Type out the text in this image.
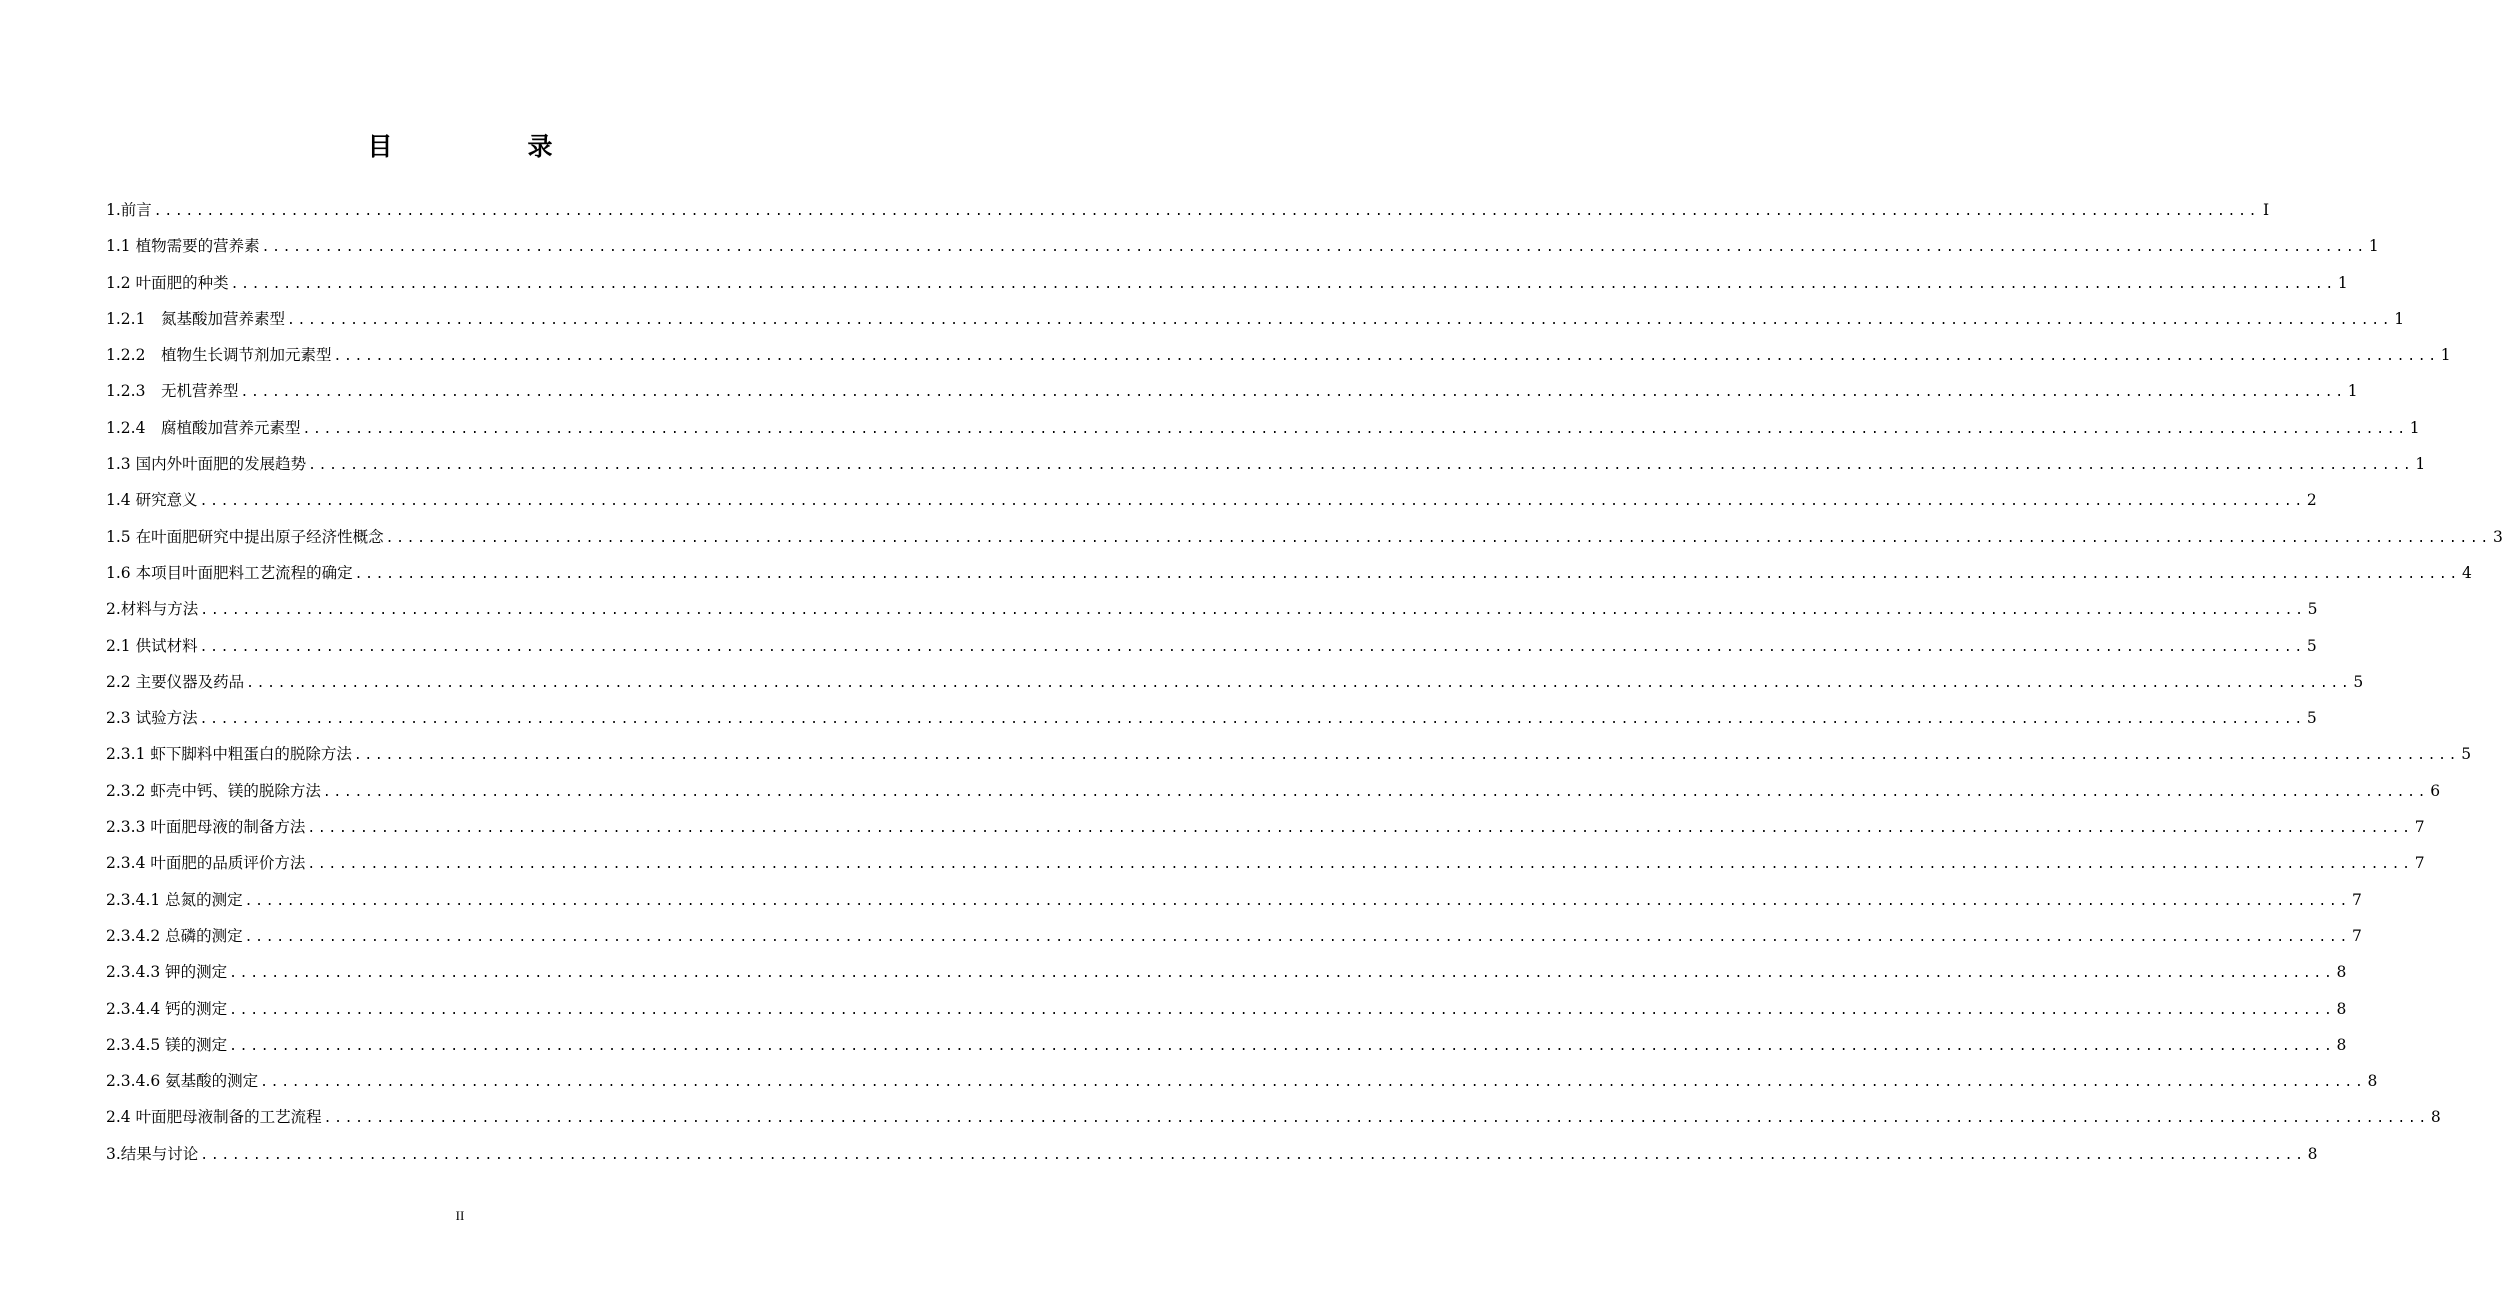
目　录
1.前言 ........................................................................................................................................................................................................ I
1.1 植物需要的营养素 ........................................................................................................................................................................................................ 1
1.2 叶面肥的种类 ........................................................................................................................................................................................................ 1
1.2.1　氮基酸加营养素型 ........................................................................................................................................................................................................ 1
1.2.2　植物生长调节剂加元素型 ........................................................................................................................................................................................................ 1
1.2.3　无机营养型 ........................................................................................................................................................................................................ 1
1.2.4　腐植酸加营养元素型 ........................................................................................................................................................................................................ 1
1.3 国内外叶面肥的发展趋势 ........................................................................................................................................................................................................ 1
1.4 研究意义 ........................................................................................................................................................................................................ 2
1.5 在叶面肥研究中提出原子经济性概念 ........................................................................................................................................................................................................ 3
1.6 本项目叶面肥料工艺流程的确定 ........................................................................................................................................................................................................ 4
2.材料与方法 ........................................................................................................................................................................................................ 5
2.1 供试材料 ........................................................................................................................................................................................................ 5
2.2 主要仪器及药品 ........................................................................................................................................................................................................ 5
2.3 试验方法 ........................................................................................................................................................................................................ 5
2.3.1 虾下脚料中粗蛋白的脱除方法 ........................................................................................................................................................................................................ 5
2.3.2 虾壳中钙、镁的脱除方法 ........................................................................................................................................................................................................ 6
2.3.3 叶面肥母液的制备方法 ........................................................................................................................................................................................................ 7
2.3.4 叶面肥的品质评价方法 ........................................................................................................................................................................................................ 7
2.3.4.1 总氮的测定 ........................................................................................................................................................................................................ 7
2.3.4.2 总磷的测定 ........................................................................................................................................................................................................ 7
2.3.4.3 钾的测定 ........................................................................................................................................................................................................ 8
2.3.4.4 钙的测定 ........................................................................................................................................................................................................ 8
2.3.4.5 镁的测定 ........................................................................................................................................................................................................ 8
2.3.4.6 氨基酸的测定 ........................................................................................................................................................................................................ 8
2.4 叶面肥母液制备的工艺流程 ........................................................................................................................................................................................................ 8
3.结果与讨论 ........................................................................................................................................................................................................ 8
II
